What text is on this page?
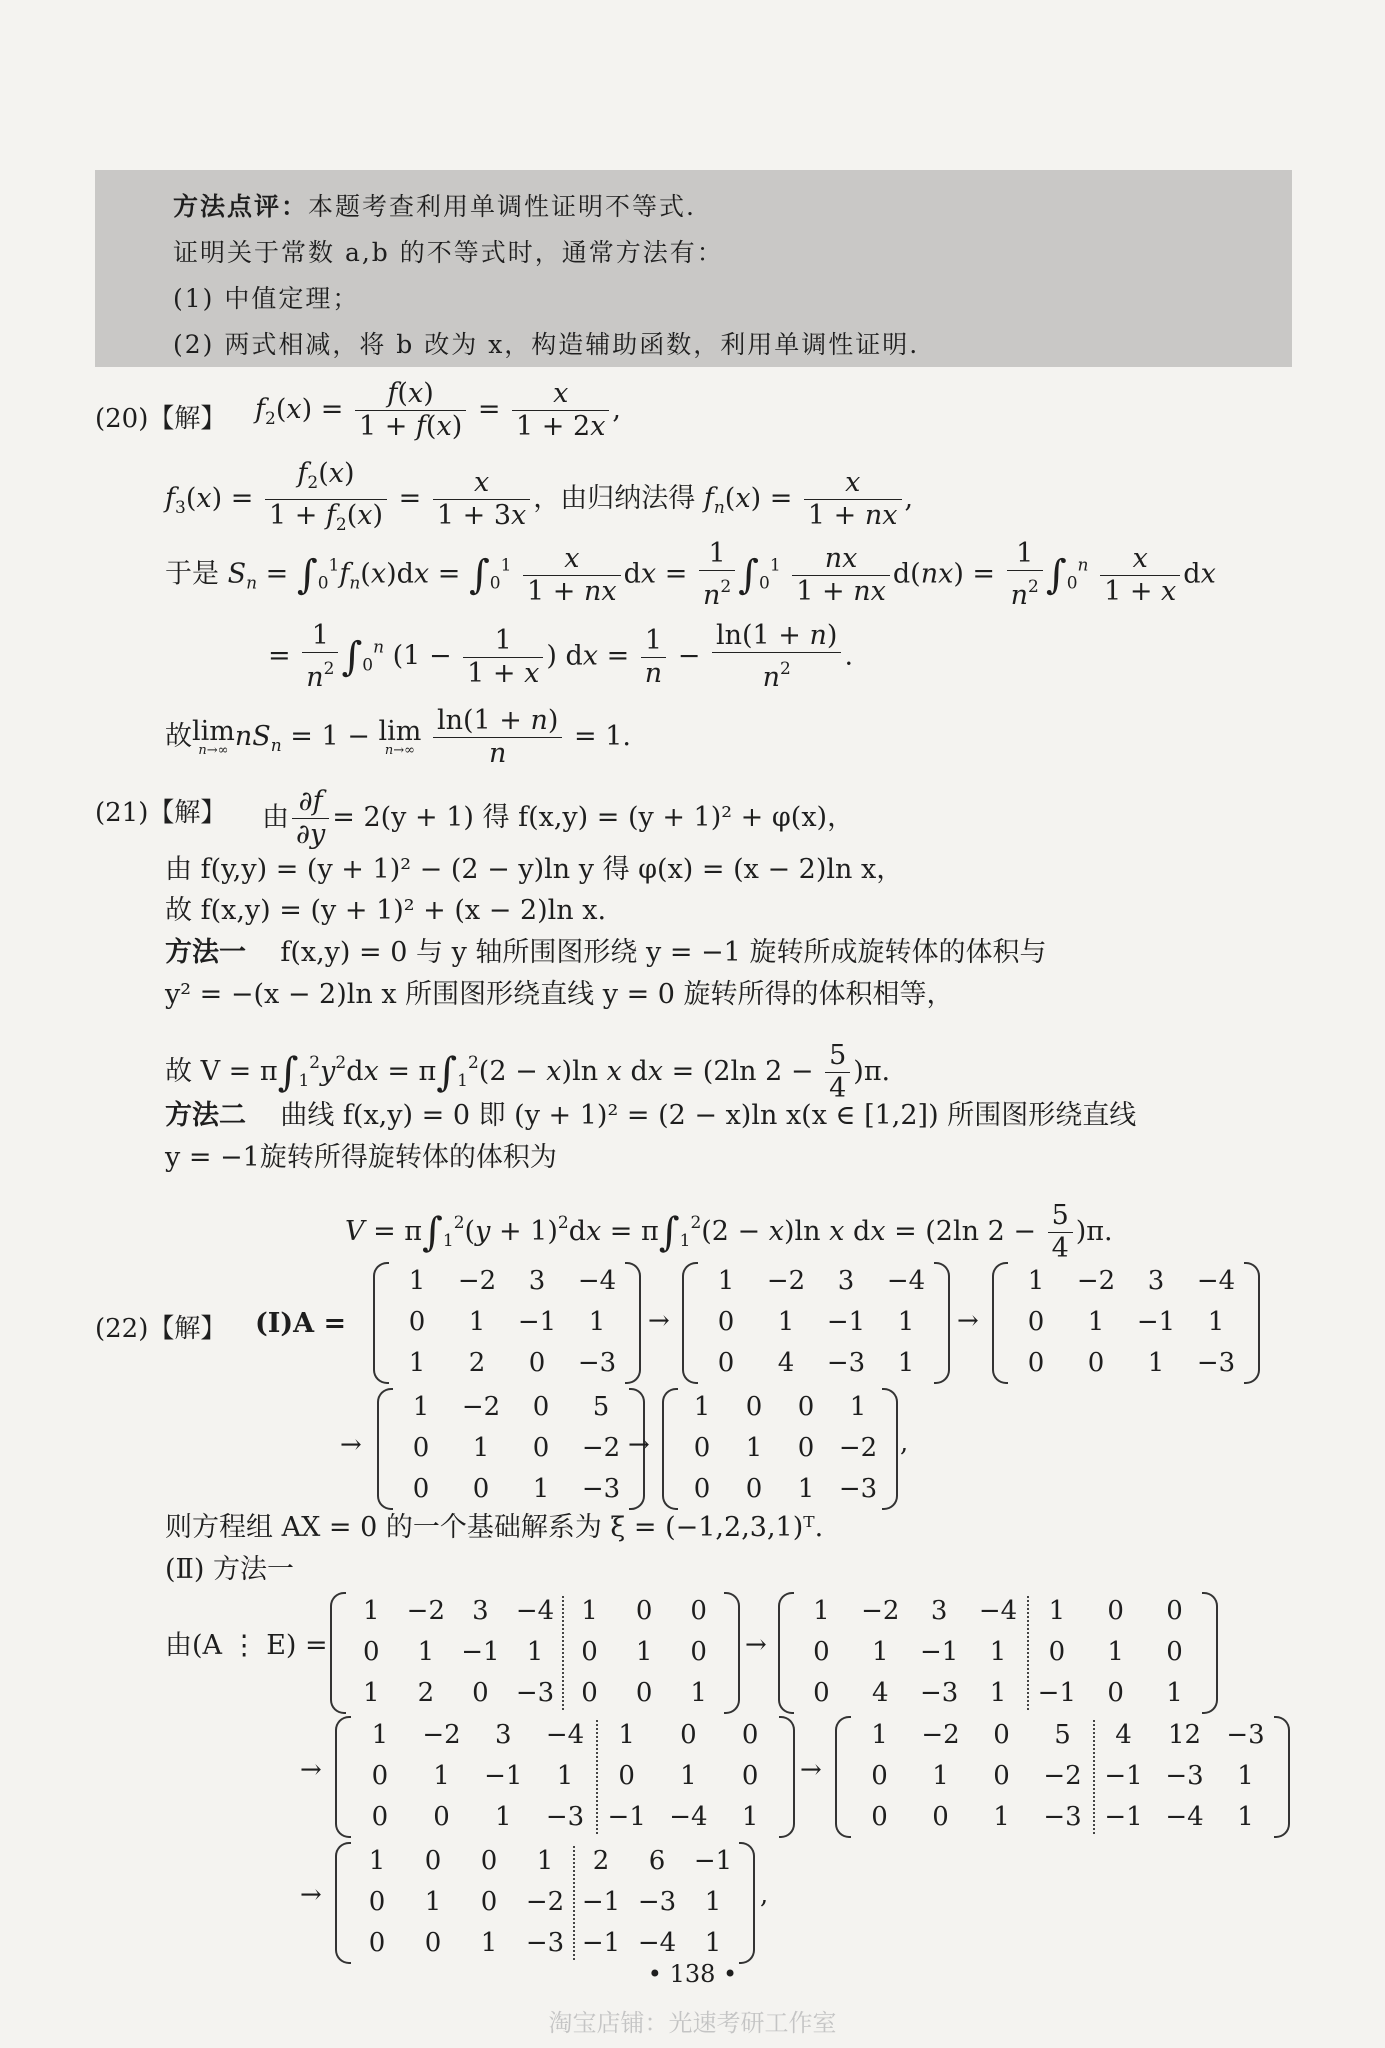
方法点评：本题考查利用单调性证明不等式.
证明关于常数 a,b 的不等式时，通常方法有：
(1) 中值定理；
(2) 两式相减，将 b 改为 x，构造辅助函数，利用单调性证明.
(20)【解】 $f_2(x) = \frac{f(x)}{1 + f(x)} = \frac{x}{1 + 2x}$ ,
$f_3(x) = \frac{f_2(x)}{1 + f_2(x)} = \frac{x}{1 + 3x}$ ，由归纳法得 $f_n(x) = \frac{x}{1 + nx}$ ,
于是 $S_n = \int_0^1f_n(x)dx = \int_0^1 \frac{x}{1 + nx}$ dx = $\frac{1}{n^2} \int_0^1 \frac{nx}{1 + nx} d(nx) = \frac{1}{n^2} \int_0^n \frac{x}{1 + x}$ dx
= $\frac{1}{n^2} \int_0^n$ ($1 - \frac{1}{1 + x}$ ) dx = $\frac{1}{n} - \frac{\ln(1 + n)}{n^2}$ .
故lim
n→∞ $nS_n = 1 - \lim$
n→∞
$\frac{\ln(1 + n)}{n} = 1$.
(21)【解】 由 $\frac{\partial f}{\partial y} = 2(y + 1)$ 得 f(x,y) = (y + 1)² + φ(x)，
由 f(y,y) = (y + 1)² − (2 − y)ln y 得 φ(x) = (x − 2)ln x，
故 f(x,y) = (y + 1)² + (x − 2)ln x.
方法一 f(x,y) = 0 与 y 轴所围图形绕 y = −1 旋转所成旋转体的体积与
y² = −(x − 2)ln x 所围图形绕直线 y = 0 旋转所得的体积相等，
故 $V = \pi\int_1^2y^2dx = \pi\int_1^2(2 - x)\ln$ x dx = (2ln $2 - \frac{5}{4} )\pi$.
方法二 曲线 f(x,y) = 0 即 (y + 1)² = (2 − x)ln x(x ∈ [1,2]) 所围图形绕直线
y = −1旋转所得旋转体的体积为
$V = \pi\int_1^2(y + 1)^2dx = \pi\int_1^2(2 - x)\ln$ x dx = (2ln $2 - \frac{5}{4} )\pi$.
(22)【解】 (Ⅰ)A =
1	−2	3	−4
0	1	−1	1
1	2	0	−3
→
1	−2	3	−4
0	1	−1	1
0	4	−3	1
→
1	−2	3	−4
0	1	−1	1
0	0	1	−3
→
1	−2	0	5
0	1	0	−2
0	0	1	−3
→
1	0	0	1
0	1	0 −2
0	0	1 −3
,
1	−2	3	−4	1	0	0
0	1	−1	1	0	1	0
1	2	0	−3	0	0	1
→
1	−2	3	−4	1	0	0
0	1	−1	1	0	1	0
0	4	−3	1	−1	0	1
→
1	−2	3	−4	1	0	0
0	1	−1	1	0	1	0
0	0	1	−3 −1 −4	1
→
1	−2	0	5	4	12 −3
0	1	0	−2 −1 −3	1
0	0	1	−3 −1 −4	1
→
1	0	0	1	2	6	−1
0	1	0	−2 −1 −3	1
0	0	1	−3 −1 −4	1
,
则方程组 AX = 0 的一个基础解系为 ξ = (−1,2,3,1)ᵀ.
(Ⅱ) 方法一
由(A ⋮ E) =
• 138 •
淘宝店铺：光速考研工作室
